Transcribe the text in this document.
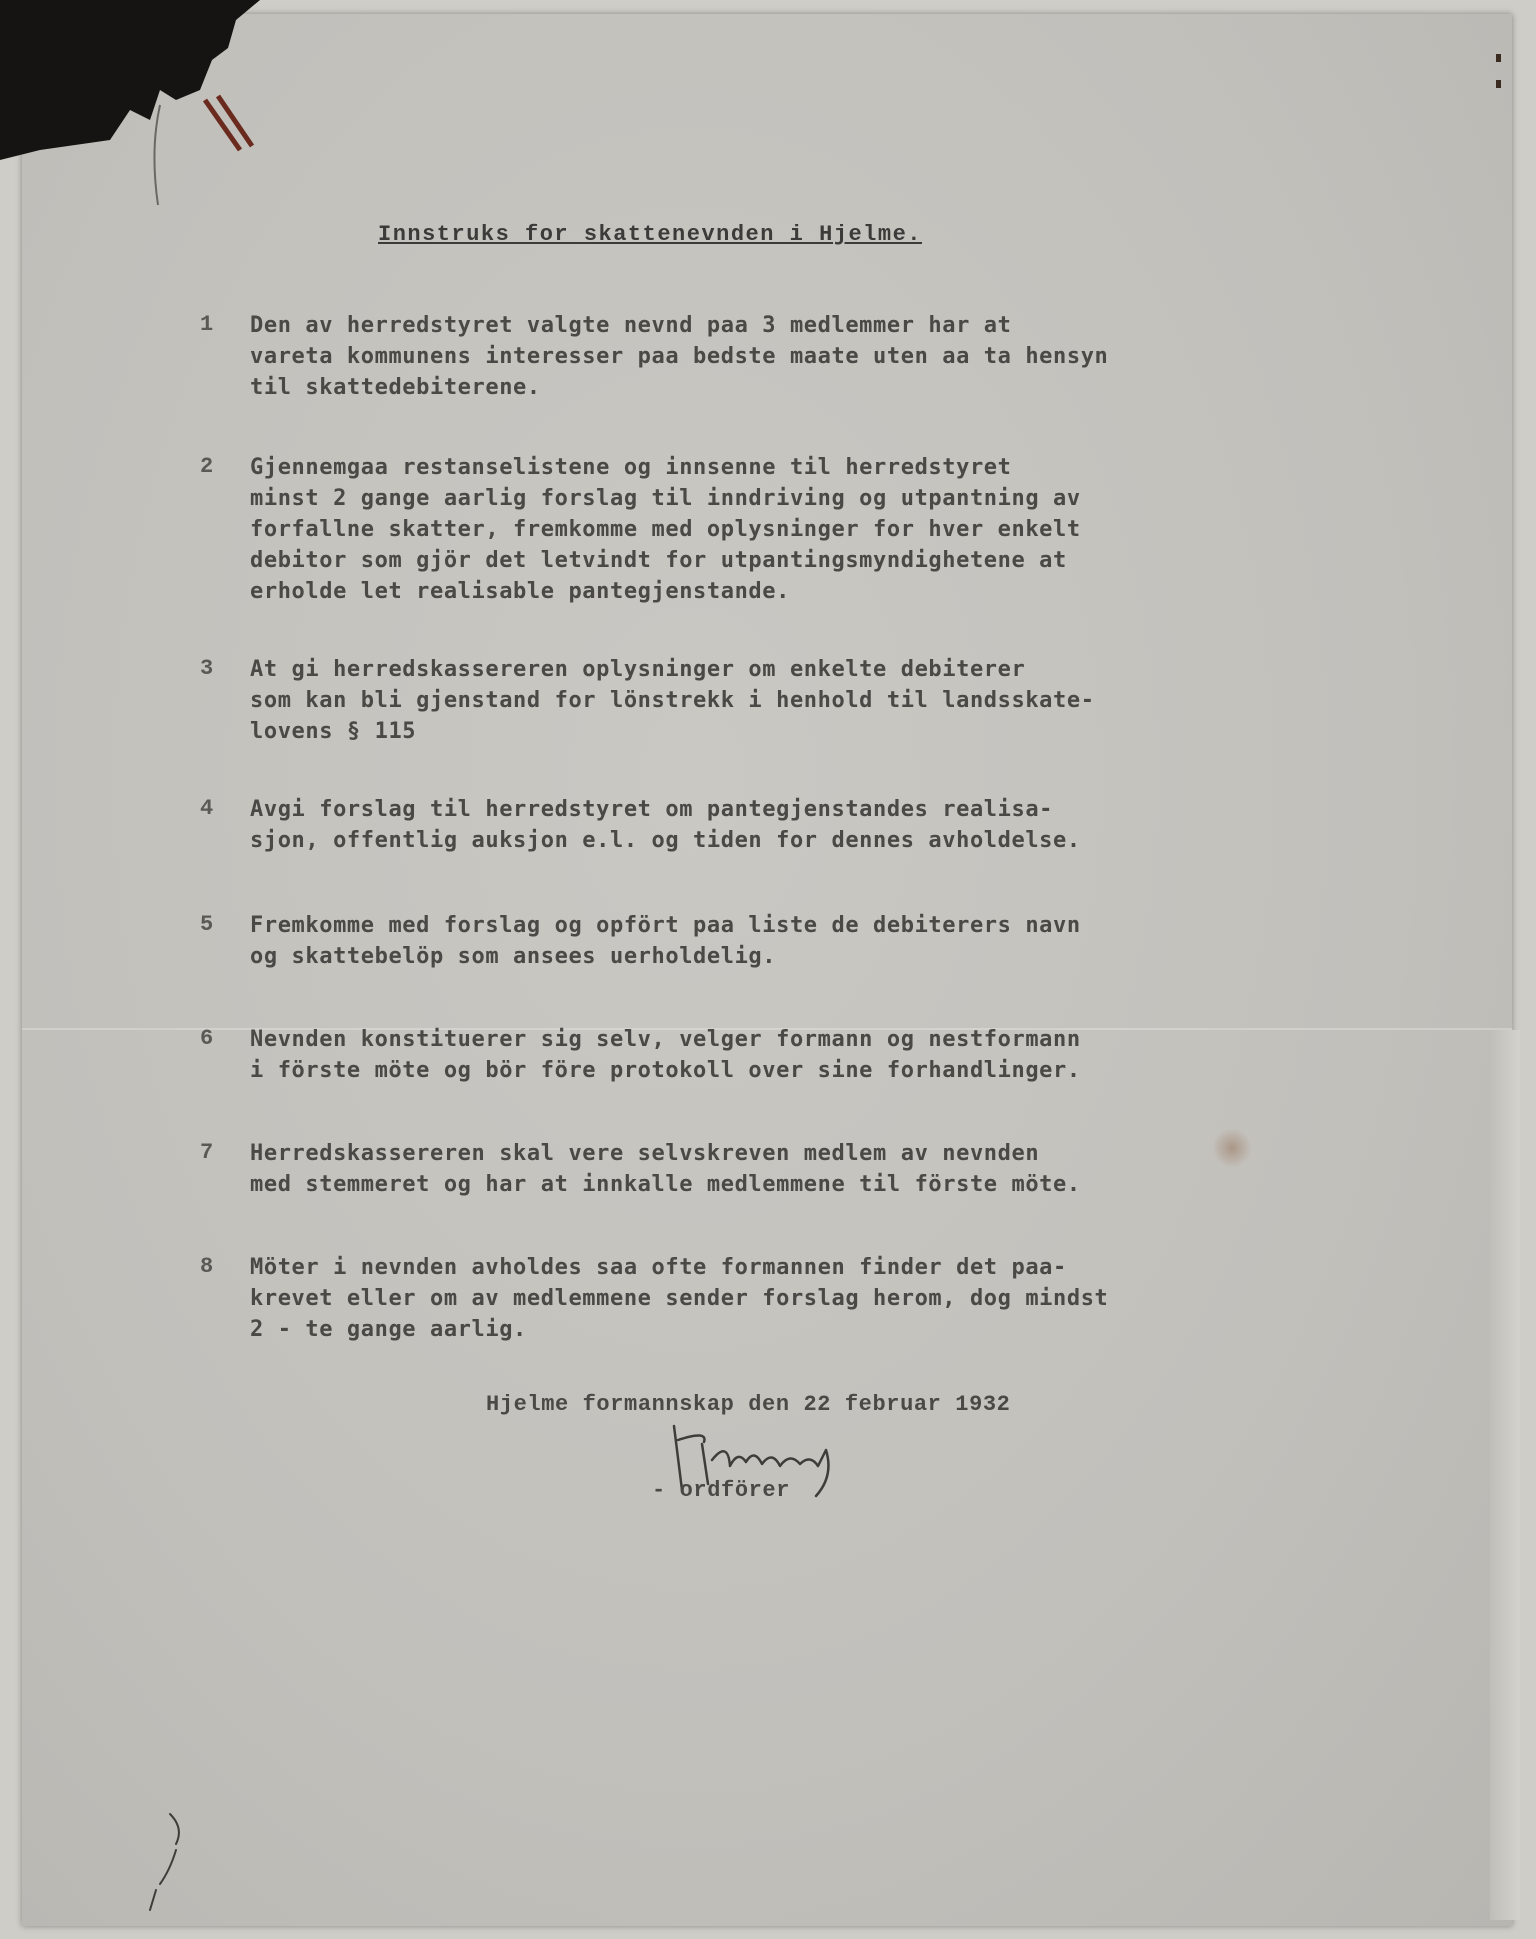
Innstruks for skattenevnden i Hjelme.
1 Den av herredstyret valgte nevnd paa 3 medlemmer har at
vareta kommunens interesser paa bedste maate uten aa ta hensyn
til skattedebiterene.
2 Gjennemgaa restanselistene og innsenne til herredstyret
minst 2 gange aarlig forslag til inndriving og utpantning av
forfallne skatter, fremkomme med oplysninger for hver enkelt
debitor som gjör det letvindt for utpantingsmyndighetene at
erholde let realisable pantegjenstande.
3 At gi herredskassereren oplysninger om enkelte debiterer
som kan bli gjenstand for lönstrekk i henhold til landsskate-
lovens § 115
4 Avgi forslag til herredstyret om pantegjenstandes realisa-
sjon, offentlig auksjon e.l. og tiden for dennes avholdelse.
5 Fremkomme med forslag og opfört paa liste de debiterers navn
og skattebelöp som ansees uerholdelig.
6 Nevnden konstituerer sig selv, velger formann og nestformann
i förste möte og bör före protokoll over sine forhandlinger.
7 Herredskassereren skal vere selvskreven medlem av nevnden
med stemmeret og har at innkalle medlemmene til förste möte.
8 Möter i nevnden avholdes saa ofte formannen finder det paa-
krevet eller om av medlemmene sender forslag herom, dog mindst
2 - te gange aarlig.
Hjelme formannskap den 22 februar 1932
- ordförer
